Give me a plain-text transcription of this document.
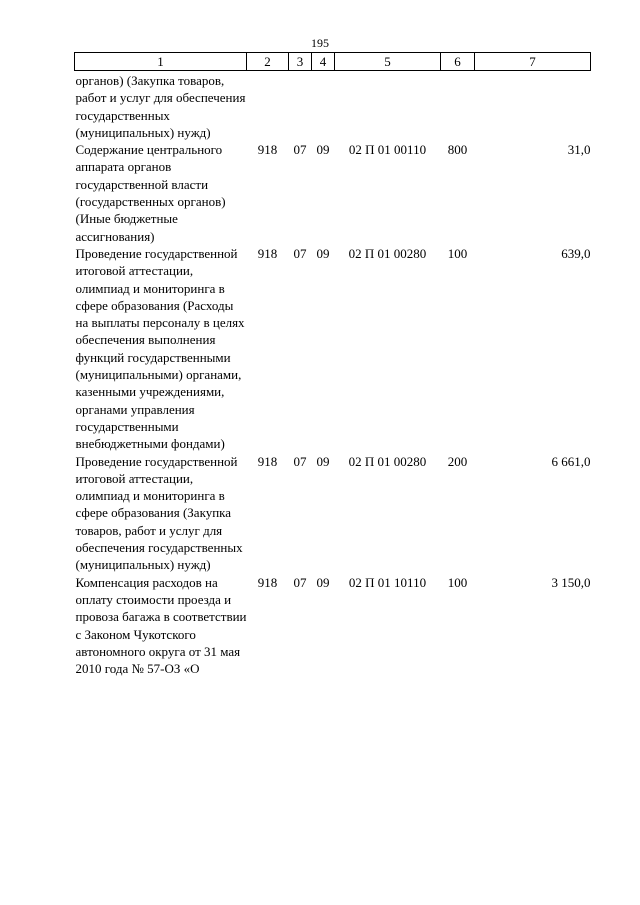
195
1	2	3	4	5	6	7
органов) (Закупка товаров, работ и услуг для обеспечения государственных (муниципальных) нужд)						
Содержание центрального аппарата органов государственной власти (государственных органов) (Иные бюджетные ассигнования)	918	07	09	02 П 01 00110	800	31,0
Проведение государственной итоговой аттестации, олимпиад и мониторинга в сфере образования (Расходы на выплаты персоналу в целях обеспечения выполнения функций государственными (муниципальными) органами, казенными учреждениями, органами управления государственными внебюджетными фондами)	918	07	09	02 П 01 00280	100	639,0
Проведение государственной итоговой аттестации, олимпиад и мониторинга в сфере образования (Закупка товаров, работ и услуг для обеспечения государственных (муниципальных) нужд)	918	07	09	02 П 01 00280	200	6 661,0
Компенсация расходов на оплату стоимости проезда и провоза багажа в соответствии с Законом Чукотского автономного округа от 31 мая 2010 года № 57-ОЗ «О	918	07	09	02 П 01 10110	100	3 150,0
